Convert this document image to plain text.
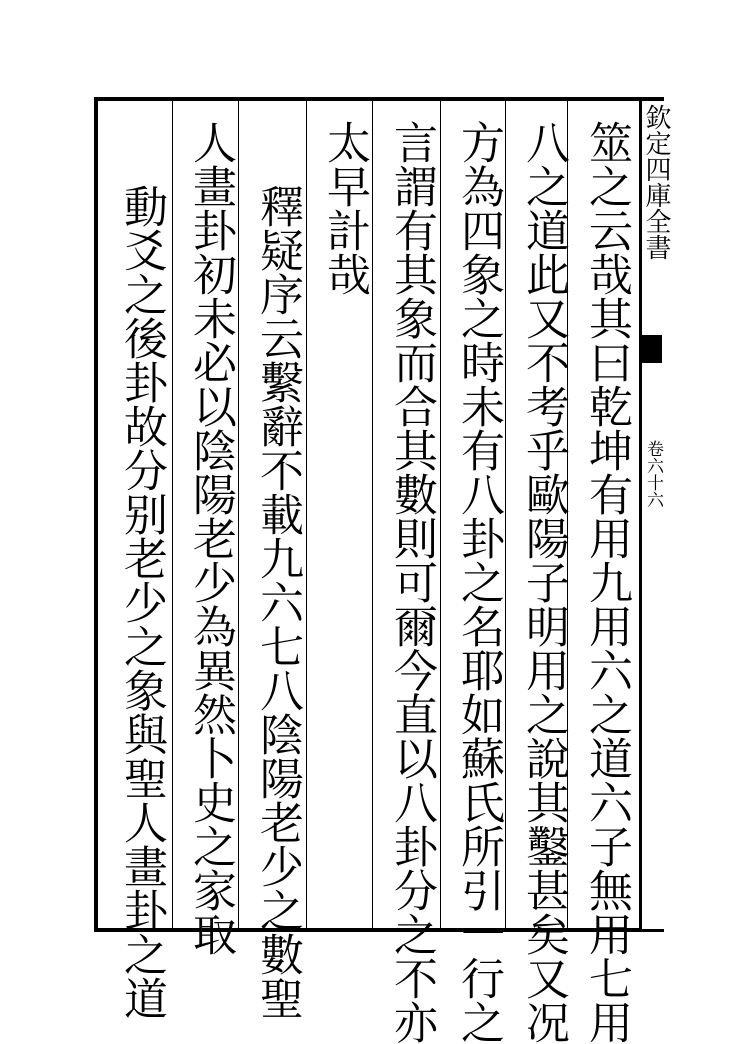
筮之云哉其曰乾坤有用九用六之道六子無用七用
八之道此又不考乎歐陽子明用之說其鑿甚矣又况
方為四象之時未有八卦之名耶如蘇氏所引一行之
言謂有其象而合其數則可爾今直以八卦分之不亦
太早計哉
釋疑序云繫辭不載九六七八陰陽老少之數聖
人畫卦初未必以陰陽老少為異然卜史之家取
動爻之後卦故分别老少之象與聖人畫卦之道
欽定四庫全書
卷六十六
